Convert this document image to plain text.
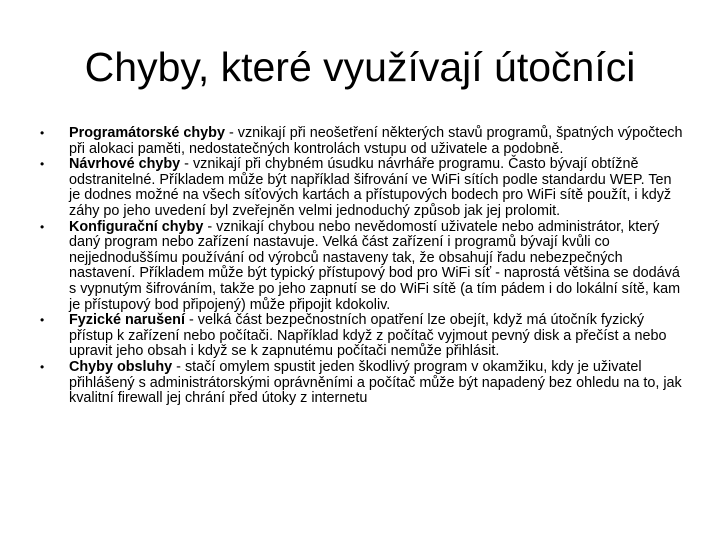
Chyby, které využívají útočníci
• Programátorské chyby - vznikají při neošetření některých stavů programů, špatných výpočtech při alokaci paměti, nedostatečných kontrolách vstupu od uživatele a podobně.
• Návrhové chyby - vznikají při chybném úsudku návrháře programu. Často bývají obtížně odstranitelné. Příkladem může být například šifrování ve WiFi sítích podle standardu WEP. Ten je dodnes možné na všech síťových kartách a přístupových bodech pro WiFi sítě použít, i když záhy po jeho uvedení byl zveřejněn velmi jednoduchý způsob jak jej prolomit.
• Konfigurační chyby - vznikají chybou nebo nevědomostí uživatele nebo administrátor, který daný program nebo zařízení nastavuje. Velká část zařízení i programů bývají kvůli co nejjednoduššímu používání od výrobců nastaveny tak, že obsahují řadu nebezpečných nastavení. Příkladem může být typický přístupový bod pro WiFi síť - naprostá většina se dodává s vypnutým šifrováním, takže po jeho zapnutí se do WiFi sítě (a tím pádem i do lokální sítě, kam je přístupový bod připojený) může připojit kdokoliv.
• Fyzické narušení - velká část bezpečnostních opatření lze obejít, když má útočník fyzický přístup k zařízení nebo počítači. Například když z počítač vyjmout pevný disk a přečíst a nebo upravit jeho obsah i když se k zapnutému počítači nemůže přihlásit.
• Chyby obsluhy - stačí omylem spustit jeden škodlivý program v okamžiku, kdy je uživatel přihlášený s administrátorskými oprávněními a počítač může být napadený bez ohledu na to, jak kvalitní firewall jej chrání před útoky z internetu
